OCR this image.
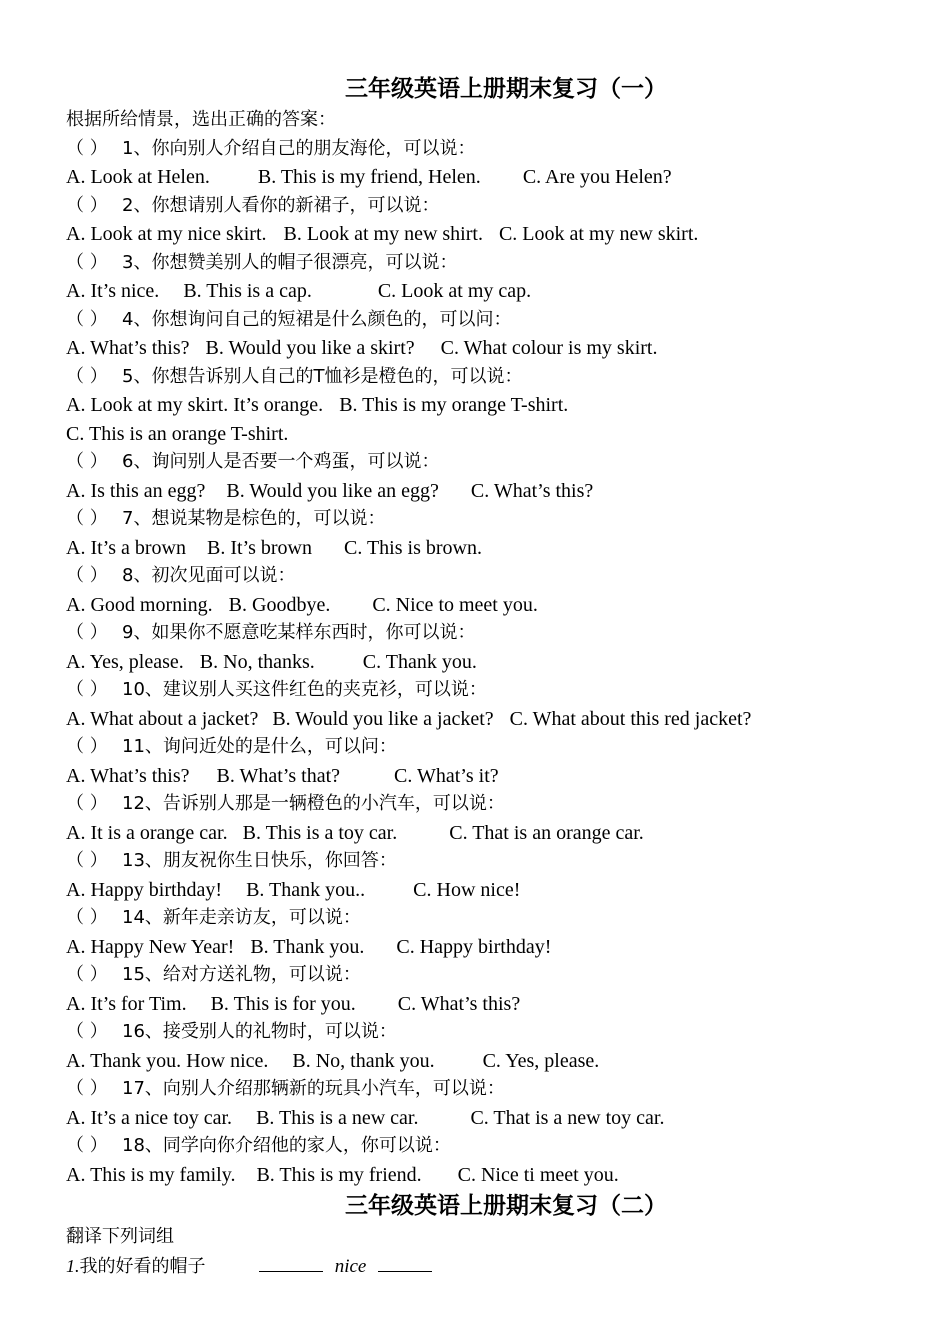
三年级英语上册期末复习（一）
根据所给情景，选出正确的答案：
（ ） 1、你向别人介绍自己的朋友海伦，可以说：
A. Look at Helen. B. This is my friend, Helen. C. Are you Helen?
（ ） 2、你想请别人看你的新裙子，可以说：
A. Look at my nice skirt. B. Look at my new shirt. C. Look at my new skirt.
（ ） 3、你想赞美别人的帽子很漂亮，可以说：
A. It’s nice. B. This is a cap.	C. Look at my cap.
（ ） 4、你想询问自己的短裙是什么颜色的，可以问：
A. What’s this? B. Would you like a skirt? C. What colour is my skirt.
（ ） 5、你想告诉别人自己的T恤衫是橙色的，可以说：
A. Look at my skirt. It’s orange. B. This is my orange T-shirt.
C. This is an orange T-shirt.
（ ） 6、询问别人是否要一个鸡蛋，可以说：
A. Is this an egg? B. Would you like an egg? C. What’s this?
（ ） 7、想说某物是棕色的，可以说：
A. It’s a brown B. It’s brown C. This is brown.
（ ） 8、初次见面可以说：
A. Good morning. B. Goodbye. C. Nice to meet you.
（ ） 9、如果你不愿意吃某样东西时，你可以说：
A. Yes, please. B. No, thanks. C. Thank you.
（ ） 10、建议别人买这件红色的夹克衫，可以说：
A. What about a jacket? B. Would you like a jacket? C. What about this red jacket?
（ ） 11、询问近处的是什么，可以问：
A. What’s this? B. What’s that?	C. What’s it?
（ ） 12、告诉别人那是一辆橙色的小汽车，可以说：
A. It is a orange car. B. This is a toy car.	C. That is an orange car.
（ ） 13、朋友祝你生日快乐，你回答：
A. Happy birthday! B. Thank you.. C. How nice!
（ ） 14、新年走亲访友，可以说：
A. Happy New Year! B. Thank you. C. Happy birthday!
（ ） 15、给对方送礼物，可以说：
A. It’s for Tim. B. This is for you. C. What’s this?
（ ） 16、接受别人的礼物时，可以说：
A. Thank you. How nice. B. No, thank you. C. Yes, please.
（ ） 17、向别人介绍那辆新的玩具小汽车，可以说：
A. It’s a nice toy car. B. This is a new car.	C. That is a new toy car.
（ ） 18、同学向你介绍他的家人，你可以说：
A. This is my family. B. This is my friend. C. Nice ti meet you.
三年级英语上册期末复习（二）
翻译下列词组
1.我的好看的帽子	nice
